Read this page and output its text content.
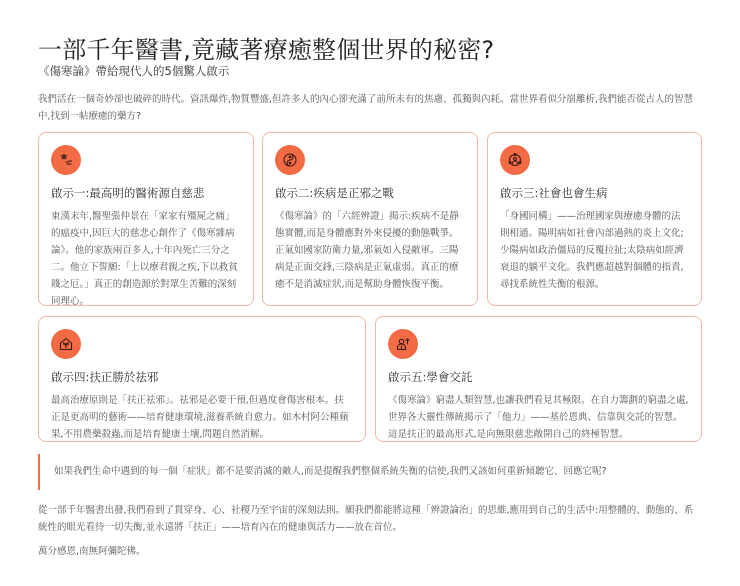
一部千年醫書,竟藏著療癒整個世界的秘密?
《傷寒論》帶給現代人的5個驚人啟示

我們活在一個奇妙卻也破碎的時代。資訊爆炸,物質豐盛,但許多人的內心卻充滿了前所未有的焦慮、孤獨與內耗。當世界看似分崩離析,我們能否從古人的智慧中,找到一帖療癒的藥方?

啟示一:最高明的醫術源自慈悲

東漢末年,醫聖張仲景在「家家有殭屍之痛」的瘟疫中,因巨大的慈悲心創作了《傷寒雜病論》。他的家族兩百多人,十年內死亡三分之二。他立下誓願:「上以療君親之疾,下以救貧賤之厄。」真正的創造源於對眾生苦難的深刻同理心。

啟示二:疾病是正邪之戰

《傷寒論》的「六經辨證」揭示:疾病不是靜態實體,而是身體應對外來侵擾的動態戰爭。正氣如國家防衛力量,邪氣如入侵敵軍。三陽病是正面交鋒,三陰病是正氣虛弱。真正的療癒不是消滅症狀,而是幫助身體恢復平衡。

啟示三:社會也會生病

「身國同構」——治理國家與療癒身體的法則相通。陽明病如社會內部過熱的炎上文化;少陽病如政治僵局的反覆拉扯;太陰病如經濟衰退的躺平文化。我們應超越對個體的指責,尋找系統性失衡的根源。

啟示四:扶正勝於祛邪

最高治療原則是「扶正祛邪」。祛邪是必要干預,但過度會傷害根本。扶正是更高明的藝術——培育健康環境,滋養系統自愈力。如木村阿公種蘋果,不用農藥殺蟲,而是培育健康土壤,問題自然消解。

啟示五:學會交託

《傷寒論》窮盡人類智慧,也讓我們看見其極限。在自力籌劃的窮盡之處,世界各大靈性傳統揭示了「他力」——基於恩典、信靠與交託的智慧。這是扶正的最高形式,是向無限慈悲敞開自己的終極智慧。

如果我們生命中遇到的每一個「症狀」都不是要消滅的敵人,而是提醒我們整個系統失衡的信使,我們又該如何重新傾聽它、回應它呢?

從一部千年醫書出發,我們看到了貫穿身、心、社稷乃至宇宙的深刻法則。願我們都能將這種「辨證論治」的思維,應用到自己的生活中:用整體的、動態的、系統性的眼光看待一切失衡,並永遠將「扶正」——培育內在的健康與活力——放在首位。

萬分感恩,南無阿彌陀佛。
